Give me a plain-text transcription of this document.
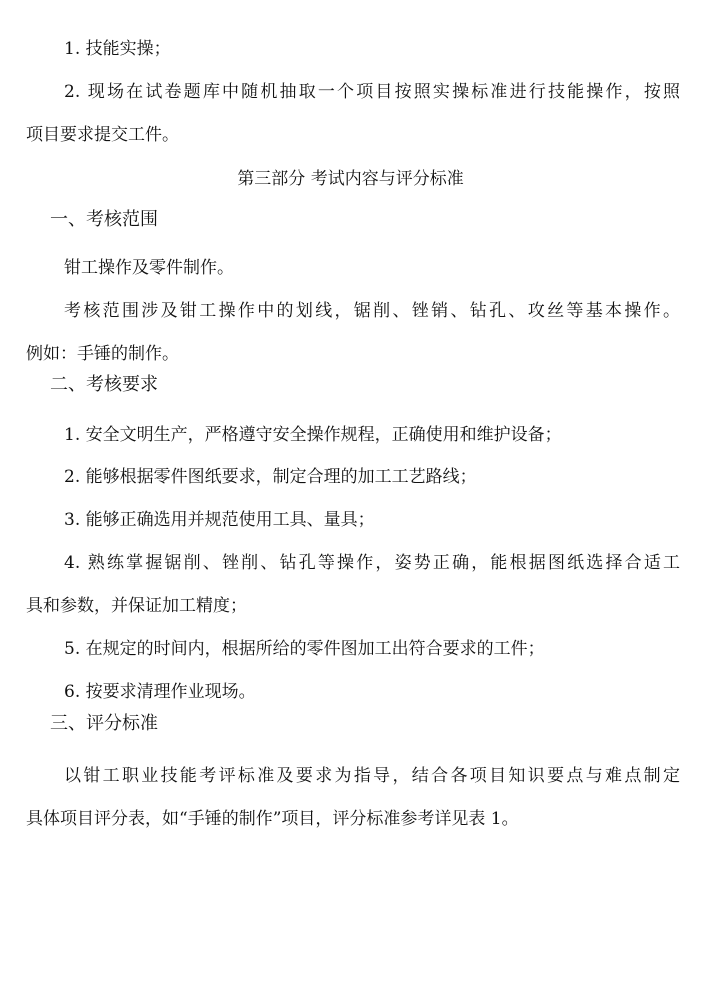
1. 技能实操；
2. 现场在试卷题库中随机抽取一个项目按照实操标准进行技能操作，按照
项目要求提交工件。
第三部分 考试内容与评分标准
一、考核范围
钳工操作及零件制作。
考核范围涉及钳工操作中的划线，锯削、锉销、钻孔、攻丝等基本操作。
例如：手锤的制作。
二、考核要求
1. 安全文明生产，严格遵守安全操作规程，正确使用和维护设备；
2. 能够根据零件图纸要求，制定合理的加工工艺路线；
3. 能够正确选用并规范使用工具、量具；
4. 熟练掌握锯削、锉削、钻孔等操作，姿势正确，能根据图纸选择合适工
具和参数，并保证加工精度；
5. 在规定的时间内，根据所给的零件图加工出符合要求的工件；
6. 按要求清理作业现场。
三、评分标准
以钳工职业技能考评标准及要求为指导，结合各项目知识要点与难点制定
具体项目评分表，如“手锤的制作”项目，评分标准参考详见表 1。
